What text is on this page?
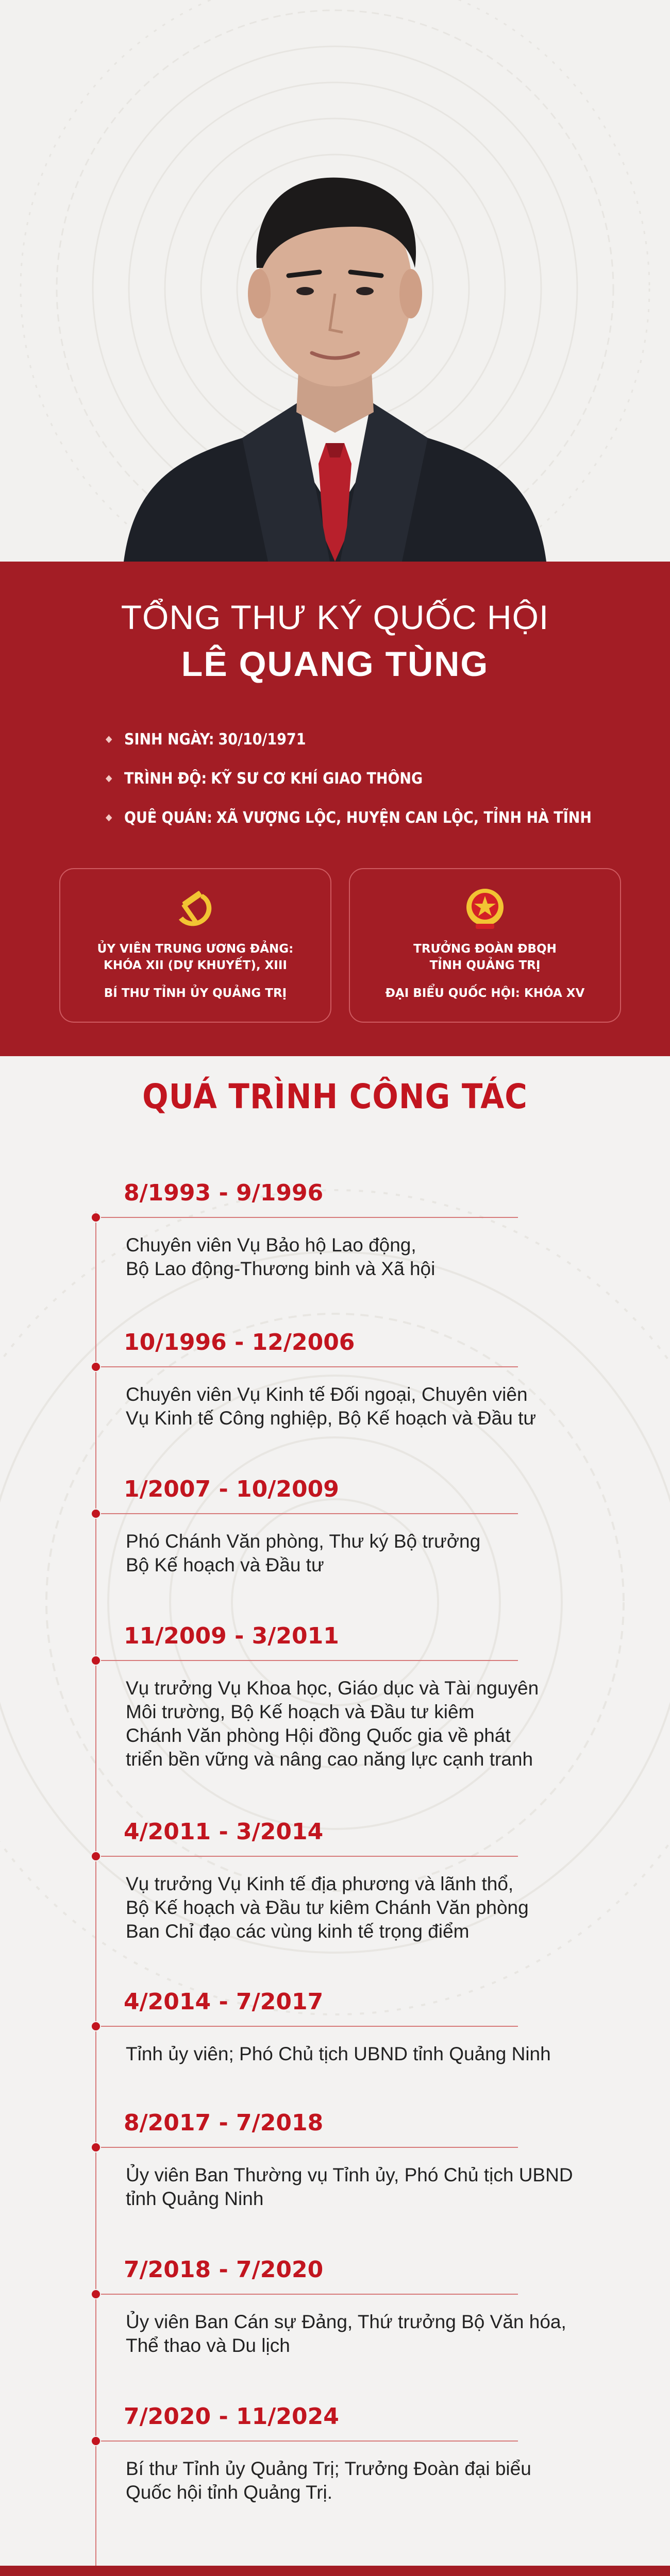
TỔNG THƯ KÝ QUỐC HỘI
LÊ QUANG TÙNG
◆ SINH NGÀY: 30/10/1971
◆ TRÌNH ĐỘ: KỸ SƯ CƠ KHÍ GIAO THÔNG
◆ QUÊ QUÁN: XÃ VƯỢNG LỘC, HUYỆN CAN LỘC, TỈNH HÀ TĨNH
ỦY VIÊN TRUNG ƯƠNG ĐẢNG:
KHÓA XII (DỰ KHUYẾT), XIII
BÍ THƯ TỈNH ỦY QUẢNG TRỊ
TRƯỞNG ĐOÀN ĐBQH
TỈNH QUẢNG TRỊ
ĐẠI BIỂU QUỐC HỘI: KHÓA XV
QUÁ TRÌNH CÔNG TÁC
8/1993 - 9/1996
Chuyên viên Vụ Bảo hộ Lao động,
Bộ Lao động-Thương binh và Xã hội
10/1996 - 12/2006
Chuyên viên Vụ Kinh tế Đối ngoại, Chuyên viên
Vụ Kinh tế Công nghiệp, Bộ Kế hoạch và Đầu tư
1/2007 - 10/2009
Phó Chánh Văn phòng, Thư ký Bộ trưởng
Bộ Kế hoạch và Đầu tư
11/2009 - 3/2011
Vụ trưởng Vụ Khoa học, Giáo dục và Tài nguyên
Môi trường, Bộ Kế hoạch và Đầu tư kiêm
Chánh Văn phòng Hội đồng Quốc gia về phát
triển bền vững và nâng cao năng lực cạnh tranh
4/2011 - 3/2014
Vụ trưởng Vụ Kinh tế địa phương và lãnh thổ,
Bộ Kế hoạch và Đầu tư kiêm Chánh Văn phòng
Ban Chỉ đạo các vùng kinh tế trọng điểm
4/2014 - 7/2017
Tỉnh ủy viên; Phó Chủ tịch UBND tỉnh Quảng Ninh
8/2017 - 7/2018
Ủy viên Ban Thường vụ Tỉnh ủy, Phó Chủ tịch UBND
tỉnh Quảng Ninh
7/2018 - 7/2020
Ủy viên Ban Cán sự Đảng, Thứ trưởng Bộ Văn hóa,
Thể thao và Du lịch
7/2020 - 11/2024
Bí thư Tỉnh ủy Quảng Trị; Trưởng Đoàn đại biểu
Quốc hội tỉnh Quảng Trị.
